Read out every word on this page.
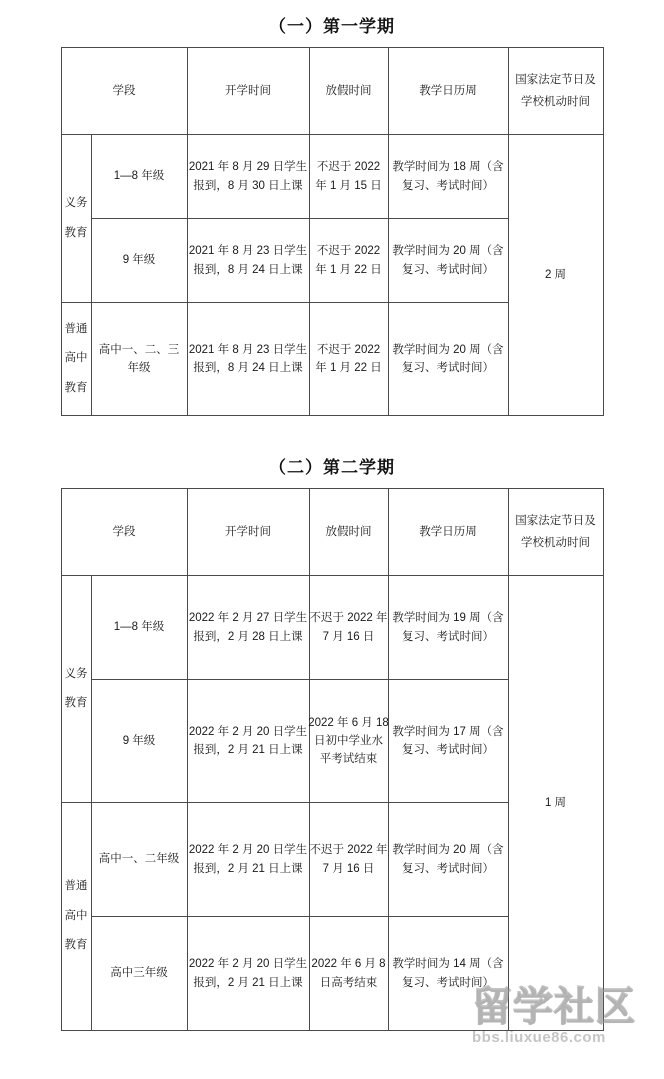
（一）第一学期
学段		开学时间	放假时间	教学日历周	国家法定节日及
学校机动时间

义务
教育	1—8 年级	2021 年 8 月 29 日学生
报到，8 月 30 日上课	不迟于 2022
年 1 月 15 日	教学时间为 18 周（含
复习、考试时间）	2 周

	9 年级	2021 年 8 月 23 日学生
报到，8 月 24 日上课	不迟于 2022
年 1 月 22 日	教学时间为 20 周（含
复习、考试时间）	

普通
高中
教育	高中一、二、三
年级	2021 年 8 月 23 日学生
报到，8 月 24 日上课	不迟于 2022
年 1 月 22 日	教学时间为 20 周（含
复习、考试时间）	
（二）第二学期
学段		开学时间	放假时间	教学日历周	国家法定节日及
学校机动时间

义务
教育	1—8 年级	2022 年 2 月 27 日学生
报到，2 月 28 日上课	不迟于 2022 年
7 月 16 日	教学时间为 19 周（含
复习、考试时间）	1 周

	9 年级	2022 年 2 月 20 日学生
报到，2 月 21 日上课	2022 年 6 月 18
日初中学业水
平考试结束	教学时间为 17 周（含
复习、考试时间）	

普通
高中
教育	高中一、二年级	2022 年 2 月 20 日学生
报到，2 月 21 日上课	不迟于 2022 年
7 月 16 日	教学时间为 20 周（含
复习、考试时间）	

	高中三年级	2022 年 2 月 20 日学生
报到，2 月 21 日上课	2022 年 6 月 8
日高考结束	教学时间为 14 周（含
复习、考试时间）	
bbs.liuxue86.com
